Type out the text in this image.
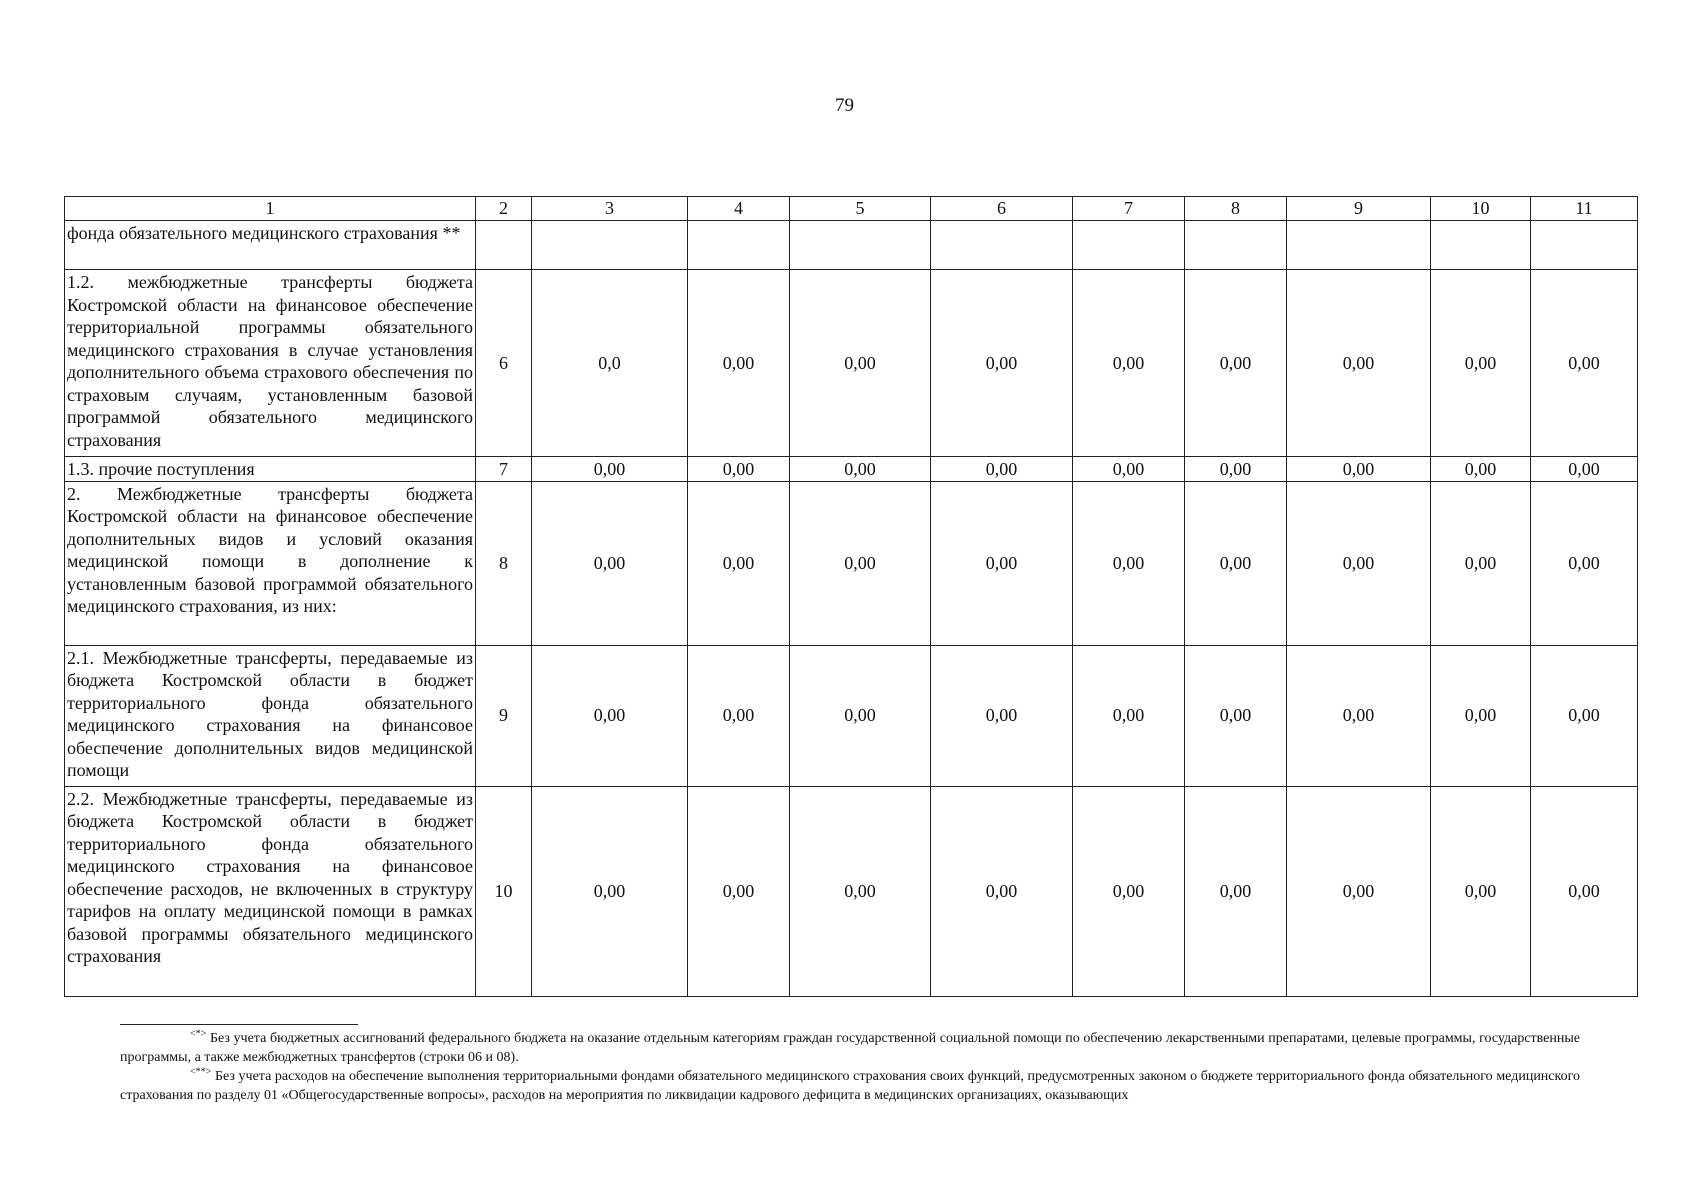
79
1	2	3	4	5	6	7	8	9	10	11
фонда обязательного медицинского страхования **										
1.2. межбюджетные трансферты бюджета Костромской области на финансовое обеспечение территориальной программы обязательного медицинского страхования в случае установления дополнительного объема страхового обеспечения по страховым случаям, установленным базовой программой обязательного медицинского страхования	6	0,0	0,00	0,00	0,00	0,00	0,00	0,00	0,00	0,00
1.3. прочие поступления	7	0,00	0,00	0,00	0,00	0,00	0,00	0,00	0,00	0,00
2. Межбюджетные трансферты бюджета Костромской области на финансовое обеспечение дополнительных видов и условий оказания медицинской помощи в дополнение к установленным базовой программой обязательного медицинского страхования, из них:	8	0,00	0,00	0,00	0,00	0,00	0,00	0,00	0,00	0,00
2.1. Межбюджетные трансферты, передаваемые из бюджета Костромской области в бюджет территориального фонда обязательного медицинского страхования на финансовое обеспечение дополнительных видов медицинской помощи	9	0,00	0,00	0,00	0,00	0,00	0,00	0,00	0,00	0,00
2.2. Межбюджетные трансферты, передаваемые из бюджета Костромской области в бюджет территориального фонда обязательного медицинского страхования на финансовое обеспечение расходов, не включенных в структуру тарифов на оплату медицинской помощи в рамках базовой программы обязательного медицинского страхования	10	0,00	0,00	0,00	0,00	0,00	0,00	0,00	0,00	0,00

<*> Без учета бюджетных ассигнований федерального бюджета на оказание отдельным категориям граждан государственной социальной помощи по обеспечению лекарственными препаратами, целевые программы, государственные программы, а также межбюджетных трансфертов (строки 06 и 08).

<**> Без учета расходов на обеспечение выполнения территориальными фондами обязательного медицинского страхования своих функций, предусмотренных законом о бюджете территориального фонда обязательного медицинского страхования по разделу 01 «Общегосударственные вопросы», расходов на мероприятия по ликвидации кадрового дефицита в медицинских организациях, оказывающих
